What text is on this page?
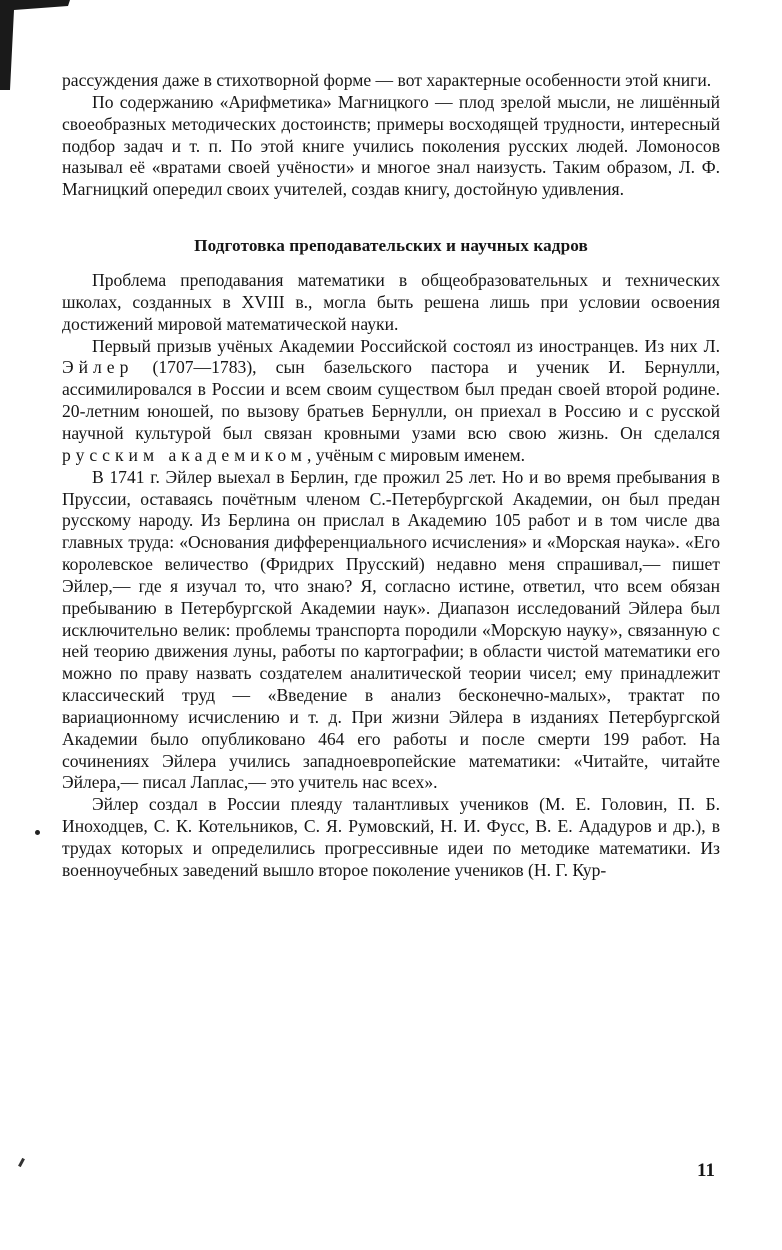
рассуждения даже в стихотворной форме — вот характерные особенности этой книги.

По содержанию «Арифметика» Магницкого — плод зрелой мысли, не лишённый своеобразных методических достоинств; примеры восходящей трудности, интересный подбор задач и т. п. По этой книге учились поколения русских людей. Ломоносов называл её «вратами своей учёности» и многое знал наизусть. Таким образом, Л. Ф. Магницкий опередил своих учителей, создав книгу, достойную удивления.

Подготовка преподавательских и научных кадров

Проблема преподавания математики в общеобразовательных и технических школах, созданных в XVIII в., могла быть решена лишь при условии освоения достижений мировой математической науки.

Первый призыв учёных Академии Российской состоял из иностранцев. Из них Л. Эйлер (1707—1783), сын базельского пастора и ученик И. Бернулли, ассимилировался в России и всем своим существом был предан своей второй родине. 20-летним юношей, по вызову братьев Бернулли, он приехал в Россию и с русской научной культурой был связан кровными узами всю свою жизнь. Он сделался русским академиком, учёным с мировым именем.

В 1741 г. Эйлер выехал в Берлин, где прожил 25 лет. Но и во время пребывания в Пруссии, оставаясь почётным членом С.-Петербургской Академии, он был предан русскому народу. Из Берлина он прислал в Академию 105 работ и в том числе два главных труда: «Основания дифференциального исчисления» и «Морская наука». «Его королевское величество (Фридрих Прусский) недавно меня спрашивал,— пишет Эйлер,— где я изучал то, что знаю? Я, согласно истине, ответил, что всем обязан пребыванию в Петербургской Академии наук». Диапазон исследований Эйлера был исключительно велик: проблемы транспорта породили «Морскую науку», связанную с ней теорию движения луны, работы по картографии; в области чистой математики его можно по праву назвать создателем аналитической теории чисел; ему принадлежит классический труд — «Введение в анализ бесконечно-малых», трактат по вариационному исчислению и т. д. При жизни Эйлера в изданиях Петербургской Академии было опубликовано 464 его работы и после смерти 199 работ. На сочинениях Эйлера учились западноевропейские математики: «Читайте, читайте Эйлера,— писал Лаплас,— это учитель нас всех».

Эйлер создал в России плеяду талантливых учеников (М. Е. Головин, П. Б. Иноходцев, С. К. Котельников, С. Я. Румовский, Н. И. Фусс, В. Е. Ададуров и др.), в трудах которых и определились прогрессивные идеи по методике математики. Из военноучебных заведений вышло второе поколение учеников (Н. Г. Кур-

11
